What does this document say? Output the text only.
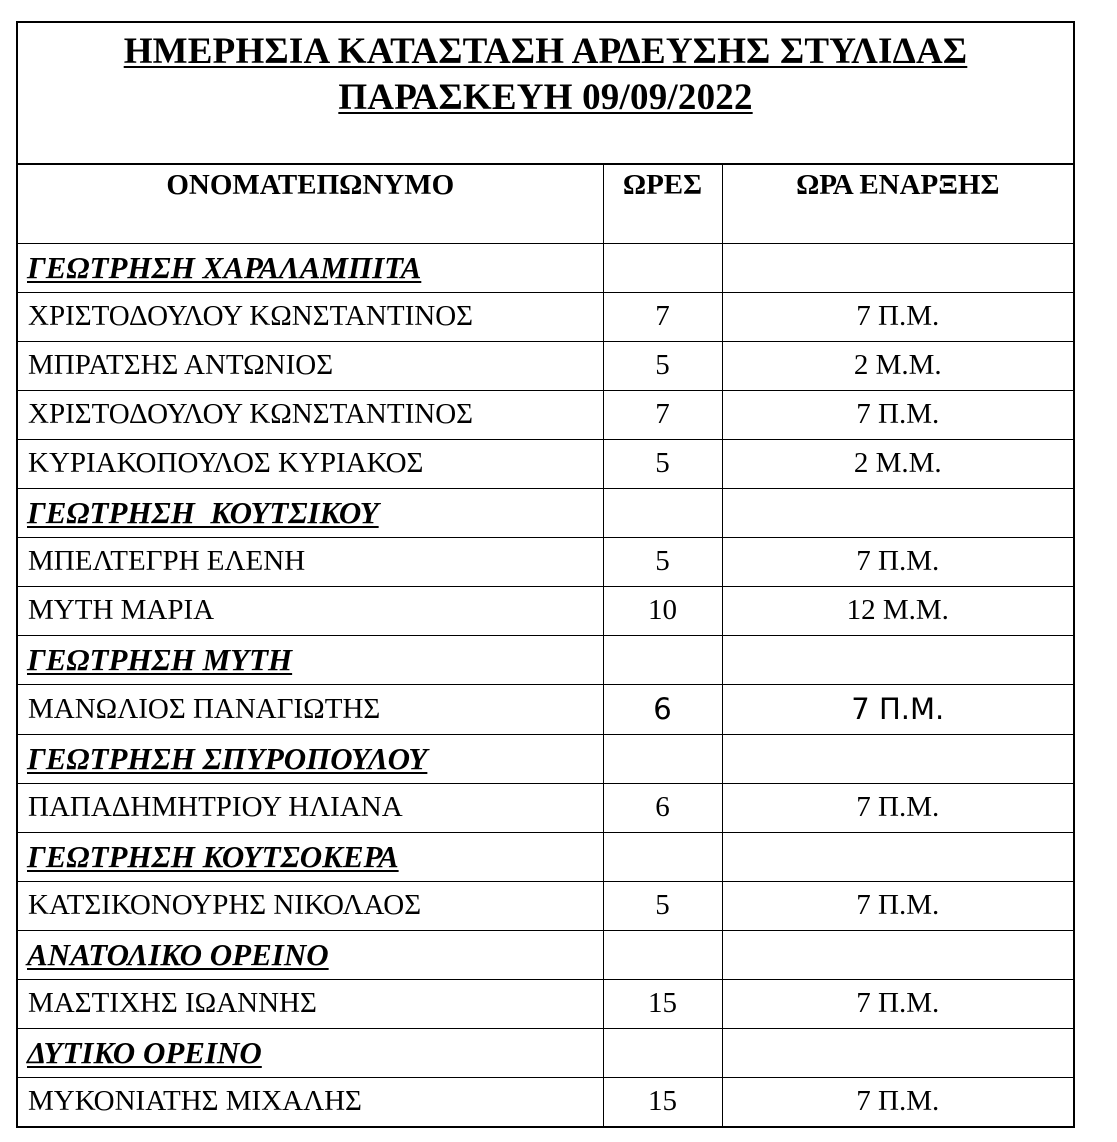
ΗΜΕΡΗΣΙΑ ΚΑΤΑΣΤΑΣΗ ΑΡΔΕΥΣΗΣ ΣΤΥΛΙΔΑΣ
ΠΑΡΑΣΚΕΥΗ 09/09/2022
ΟΝΟΜΑΤΕΠΩΝΥΜΟ	ΩΡΕΣ	ΩΡΑ ΕΝΑΡΞΗΣ
ΓΕΩΤΡΗΣΗ ΧΑΡΑΛΑΜΠΙΤΑ		
ΧΡΙΣΤΟΔΟΥΛΟΥ ΚΩΝΣΤΑΝΤΙΝΟΣ	7	7 Π.Μ.
ΜΠΡΑΤΣΗΣ ΑΝΤΩΝΙΟΣ	5	2 Μ.Μ.
ΧΡΙΣΤΟΔΟΥΛΟΥ ΚΩΝΣΤΑΝΤΙΝΟΣ	7	7 Π.Μ.
ΚΥΡΙΑΚΟΠΟΥΛΟΣ ΚΥΡΙΑΚΟΣ	5	2 Μ.Μ.
ΓΕΩΤΡΗΣΗ  ΚΟΥΤΣΙΚΟΥ		
ΜΠΕΛΤΕΓΡΗ ΕΛΕΝΗ	5	7 Π.Μ.
ΜΥΤΗ ΜΑΡΙΑ	10	12 Μ.Μ.
ΓΕΩΤΡΗΣΗ ΜΥΤΗ		
ΜΑΝΩΛΙΟΣ ΠΑΝΑΓΙΩΤΗΣ	6	7 Π.Μ.
ΓΕΩΤΡΗΣΗ ΣΠΥΡΟΠΟΥΛΟΥ		
ΠΑΠΑΔΗΜΗΤΡΙΟΥ ΗΛΙΑΝΑ	6	7 Π.Μ.
ΓΕΩΤΡΗΣΗ ΚΟΥΤΣΟΚΕΡΑ		
ΚΑΤΣΙΚΟΝΟΥΡΗΣ ΝΙΚΟΛΑΟΣ	5	7 Π.Μ.
ΑΝΑΤΟΛΙΚΟ ΟΡΕΙΝΟ		
ΜΑΣΤΙΧΗΣ ΙΩΑΝΝΗΣ	15	7 Π.Μ.
ΔΥΤΙΚΟ ΟΡΕΙΝΟ		
ΜΥΚΟΝΙΑΤΗΣ ΜΙΧΑΛΗΣ	15	7 Π.Μ.
